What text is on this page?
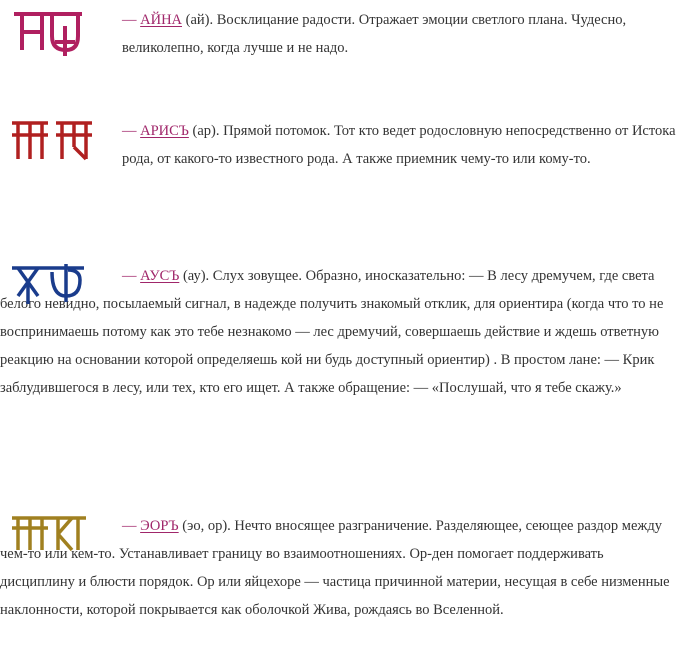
— АЙНА (ай). Восклицание радости. Отражает эмоции светлого плана. Чудесно, великолепно, когда лучше и не надо.
— АРИСЪ (ар). Прямой потомок. Тот кто ведет родословную непосредственно от Истока рода, от какого-то известного рода. А также приемник чему-то или кому-то.
— АУСЪ (ау). Слух зовущее. Образно, иносказательно: — В лесу дремучем, где света белого невидно, посылаемый сигнал, в надежде получить знакомый отклик, для ориентира (когда что то не воспринимаешь потому как это тебе незнакомо — лес дремучий, совершаешь действие и ждешь ответную реакцию на основании которой определяешь кой ни будь доступный ориентир) . В простом лане: — Крик заблудившегося в лесу, или тех, кто его ищет. А также обращение: — «Послушай, что я тебе скажу.»
— ЭОРЪ (эо, ор). Нечто вносящее разграничение. Разделяющее, сеющее раздор между чем-то или кем-то. Устанавливает границу во взаимоотношениях. Ор-ден помогает поддерживать дисциплину и блюсти порядок. Ор или яйцехоре — частица причинной материи, несущая в себе низменные наклонности, которой покрывается как оболочкой Жива, рождаясь во Вселенной.
